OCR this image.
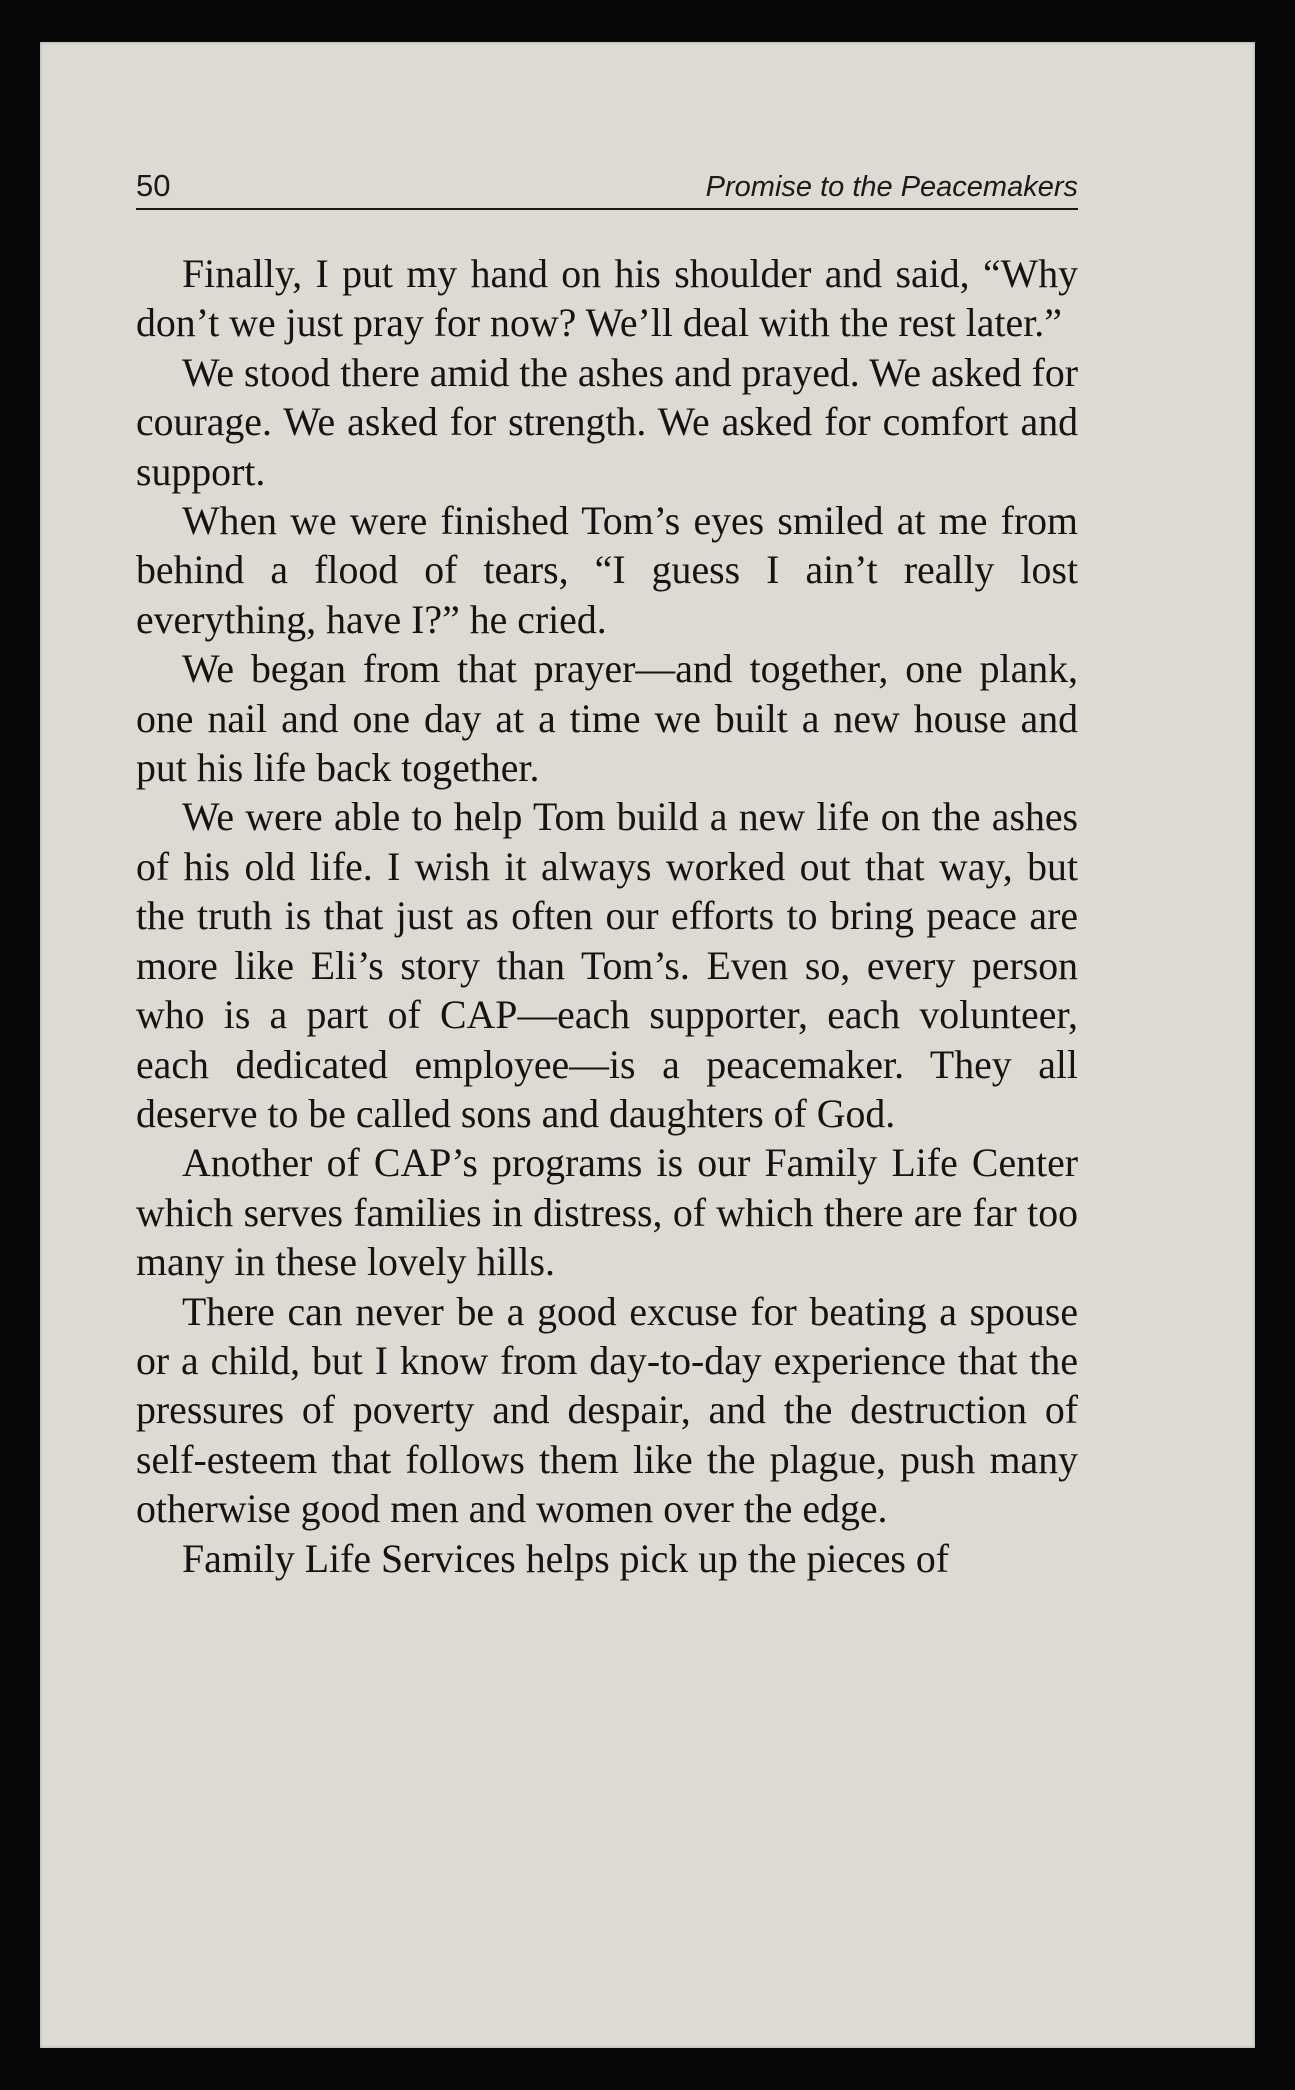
50	Promise to the Peacemakers

Finally, I put my hand on his shoulder and said, “Why don’t we just pray for now? We’ll deal with the rest later.”

We stood there amid the ashes and prayed. We asked for courage. We asked for strength. We asked for comfort and support.

When we were finished Tom’s eyes smiled at me from behind a flood of tears, “I guess I ain’t really lost everything, have I?” he cried.

We began from that prayer—and together, one plank, one nail and one day at a time we built a new house and put his life back together.

We were able to help Tom build a new life on the ashes of his old life. I wish it always worked out that way, but the truth is that just as often our efforts to bring peace are more like Eli’s story than Tom’s. Even so, every person who is a part of CAP—each supporter, each volunteer, each dedicated employee—is a peacemaker. They all deserve to be called sons and daughters of God.

Another of CAP’s programs is our Family Life Center which serves families in distress, of which there are far too many in these lovely hills.

There can never be a good excuse for beating a spouse or a child, but I know from day-to-day experience that the pressures of poverty and despair, and the destruction of self-esteem that follows them like the plague, push many otherwise good men and women over the edge.

Family Life Services helps pick up the pieces of
